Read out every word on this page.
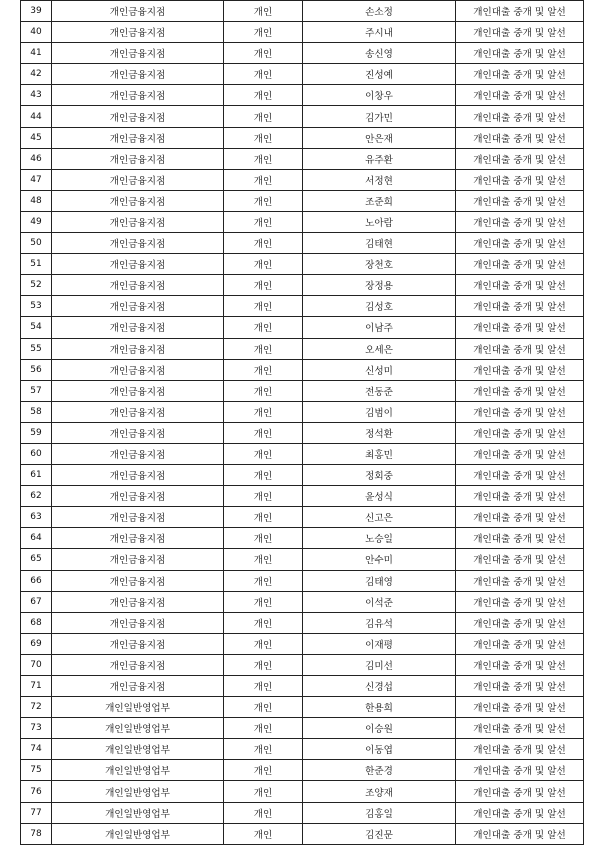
39	개인금융지점	개인	손소정	개인대출 중개 및 알선
40	개인금융지점	개인	주시내	개인대출 중개 및 알선
41	개인금융지점	개인	송신영	개인대출 중개 및 알선
42	개인금융지점	개인	진성예	개인대출 중개 및 알선
43	개인금융지점	개인	이창우	개인대출 중개 및 알선
44	개인금융지점	개인	김가민	개인대출 중개 및 알선
45	개인금융지점	개인	안은재	개인대출 중개 및 알선
46	개인금융지점	개인	유주환	개인대출 중개 및 알선
47	개인금융지점	개인	서정현	개인대출 중개 및 알선
48	개인금융지점	개인	조준희	개인대출 중개 및 알선
49	개인금융지점	개인	노아람	개인대출 중개 및 알선
50	개인금융지점	개인	김태현	개인대출 중개 및 알선
51	개인금융지점	개인	장천호	개인대출 중개 및 알선
52	개인금융지점	개인	장정용	개인대출 중개 및 알선
53	개인금융지점	개인	김성호	개인대출 중개 및 알선
54	개인금융지점	개인	이남주	개인대출 중개 및 알선
55	개인금융지점	개인	오세은	개인대출 중개 및 알선
56	개인금융지점	개인	신성미	개인대출 중개 및 알선
57	개인금융지점	개인	전동준	개인대출 중개 및 알선
58	개인금융지점	개인	김범이	개인대출 중개 및 알선
59	개인금융지점	개인	정석환	개인대출 중개 및 알선
60	개인금융지점	개인	최홍민	개인대출 중개 및 알선
61	개인금융지점	개인	정회중	개인대출 중개 및 알선
62	개인금융지점	개인	윤성식	개인대출 중개 및 알선
63	개인금융지점	개인	신고은	개인대출 중개 및 알선
64	개인금융지점	개인	노승일	개인대출 중개 및 알선
65	개인금융지점	개인	안수미	개인대출 중개 및 알선
66	개인금융지점	개인	김태영	개인대출 중개 및 알선
67	개인금융지점	개인	이석준	개인대출 중개 및 알선
68	개인금융지점	개인	김유석	개인대출 중개 및 알선
69	개인금융지점	개인	이재평	개인대출 중개 및 알선
70	개인금융지점	개인	김미선	개인대출 중개 및 알선
71	개인금융지점	개인	신경섭	개인대출 중개 및 알선
72	개인일반영업부	개인	한용희	개인대출 중개 및 알선
73	개인일반영업부	개인	이승원	개인대출 중개 및 알선
74	개인일반영업부	개인	이동엽	개인대출 중개 및 알선
75	개인일반영업부	개인	한준경	개인대출 중개 및 알선
76	개인일반영업부	개인	조양재	개인대출 중개 및 알선
77	개인일반영업부	개인	김홍일	개인대출 중개 및 알선
78	개인일반영업부	개인	김진문	개인대출 중개 및 알선
